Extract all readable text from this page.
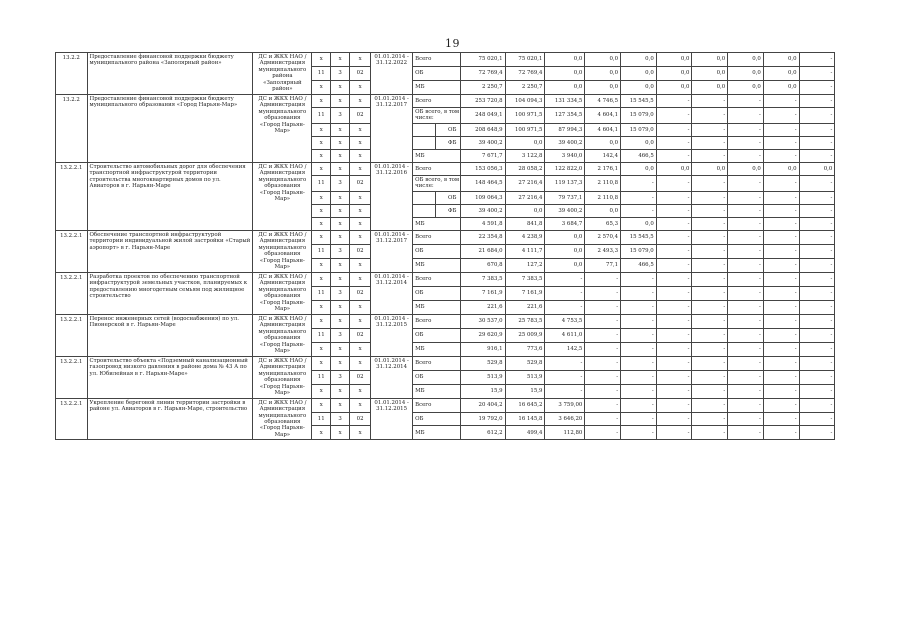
19
13.2.2	Предоставление финансовой поддержки бюджету муниципального района «Заполярный район»	ДС и ЖКХ НАО / Администрация муниципального района «Заполярный район»	x	x	x	01.01.2014 - 31.12.2022	Всего		75 020,1	75 020,1	0,0	0,0	0,0	0,0	0,0	0,0	0,0	-
			11	3	02		ОБ		72 769,4	72 769,4	0,0	0,0	0,0	0,0	0,0	0,0	0,0	-
			x	x	x		МБ		2 250,7	2 250,7	0,0	0,0	0,0	0,0	0,0	0,0	0,0	-
13.2.2	Предоставление финансовой поддержки бюджету муниципального образования «Город Нарьян-Мар»	ДС и ЖКХ НАО / Администрация муниципального образования «Город Нарьян-Мар»	x	x	x	01.01.2014 - 31.12.2017	Всего		253 720,8	104 094,3	131 334,5	4 746,5	15 545,5	-	-	-	-	-
			11	3	02		ОБ всего, в том числе:		248 049,1	100 971,5	127 354,5	4 604,1	15 079,0	-	-	-	-	-
			x	x	x			ОБ	208 648,9	100 971,5	87 994,3	4 604,1	15 079,0	-	-	-	-	-
			x	x	x			ФБ	39 400,2	0,0	39 400,2	0,0	0,0	-	-	-	-	-
			x	x	x		МБ		7 671,7	3 122,8	3 940,0	142,4	466,5	-	-	-	-	-
13.2.2.1	Строительство автомобильных дорог для обеспечения транспортной инфраструктурой территории строительства многоквартирных домов по ул. Авиаторов в г. Нарьян-Маре	ДС и ЖКХ НАО / Администрация муниципального образования «Город Нарьян-Мар»	x	x	x	01.01.2014 - 31.12.2016	Всего		153 056,3	28 058,2	122 822,0	2 176,1	0,0	0,0	0,0	0,0	0,0	0,0
			11	3	02		ОБ всего, в том числе:		148 464,5	27 216,4	119 137,3	2 110,8	-	-	-	-	-	-
			x	x	x			ОБ	109 064,3	27 216,4	79 737,1	2 110,8	-	-	-	-	-	-
			x	x	x			ФБ	39 400,2	0,0	39 400,2	0,0	-	-	-	-	-	-
			x	x	x		МБ		4 591,8	841,8	3 684,7	65,3	0,0	-	-	-	-	-
13.2.2.1	Обеспечение транспортной инфраструктурой территории индивидуальной жилой застройки «Старый аэропорт» в г. Нарьян-Маре	ДС и ЖКХ НАО / Администрация муниципального образования «Город Нарьян-Мар»	x	x	x	01.01.2014 - 31.12.2017	Всего		22 354,8	4 238,9	0,0	2 570,4	15 545,5	-	-	-	-	-
			11	3	02		ОБ		21 684,0	4 111,7	0,0	2 493,3	15 079,0	-	-	-	-	-
			x	x	x		МБ		670,8	127,2	0,0	77,1	466,5	-	-	-	-	-
13.2.2.1	Разработка проектов по обеспечению транспортной инфраструктурой земельных участков, планируемых к предоставлению многодетным семьям под жилищное строительство	ДС и ЖКХ НАО / Администрация муниципального образования «Город Нарьян-Мар»	x	x	x	01.01.2014 - 31.12.2014	Всего		7 383,5	7 383,5	-	-	-	-	-	-	-	-
			11	3	02		ОБ		7 161,9	7 161,9	-	-	-	-	-	-	-	-
			x	x	x		МБ		221,6	221,6	-	-	-	-	-	-	-	-
13.2.2.1	Перенос инженерных сетей (водоснабжения) по ул. Пионерской в г. Нарьян-Маре	ДС и ЖКХ НАО / Администрация муниципального образования «Город Нарьян-Мар»	x	x	x	01.01.2014 - 31.12.2015	Всего		30 537,0	25 783,5	4 753,5	-	-	-	-	-	-	-
			11	3	02		ОБ		29 620,9	25 009,9	4 611,0	-	-	-	-	-	-	-
			x	x	x		МБ		916,1	773,6	142,5	-	-	-	-	-	-	-
13.2.2.1	Строительство объекта «Подземный канализационный газопровод низкого давления в районе дома № 43 А по ул. Юбилейная в г. Нарьян-Маре»	ДС и ЖКХ НАО / Администрация муниципального образования «Город Нарьян-Мар»	x	x	x	01.01.2014 - 31.12.2014	Всего		529,8	529,8	-	-	-	-	-	-	-	-
			11	3	02		ОБ		513,9	513,9	-	-	-	-	-	-	-	-
			x	x	x		МБ		15,9	15,9	-	-	-	-	-	-	-	-
13.2.2.1	Укрепление береговой линии территории застройки в районе ул. Авиаторов в г. Нарьян-Маре, строительство	ДС и ЖКХ НАО / Администрация муниципального образования «Город Нарьян-Мар»	x	x	x	01.01.2014 - 31.12.2015	Всего		20 404,2	16 645,2	3 759,00	-	-	-	-	-	-	-
			11	3	02		ОБ		19 792,0	16 145,8	3 646,20	-	-	-	-	-	-	-
			x	x	x		МБ		612,2	499,4	112,80	-	-	-	-	-	-	-
